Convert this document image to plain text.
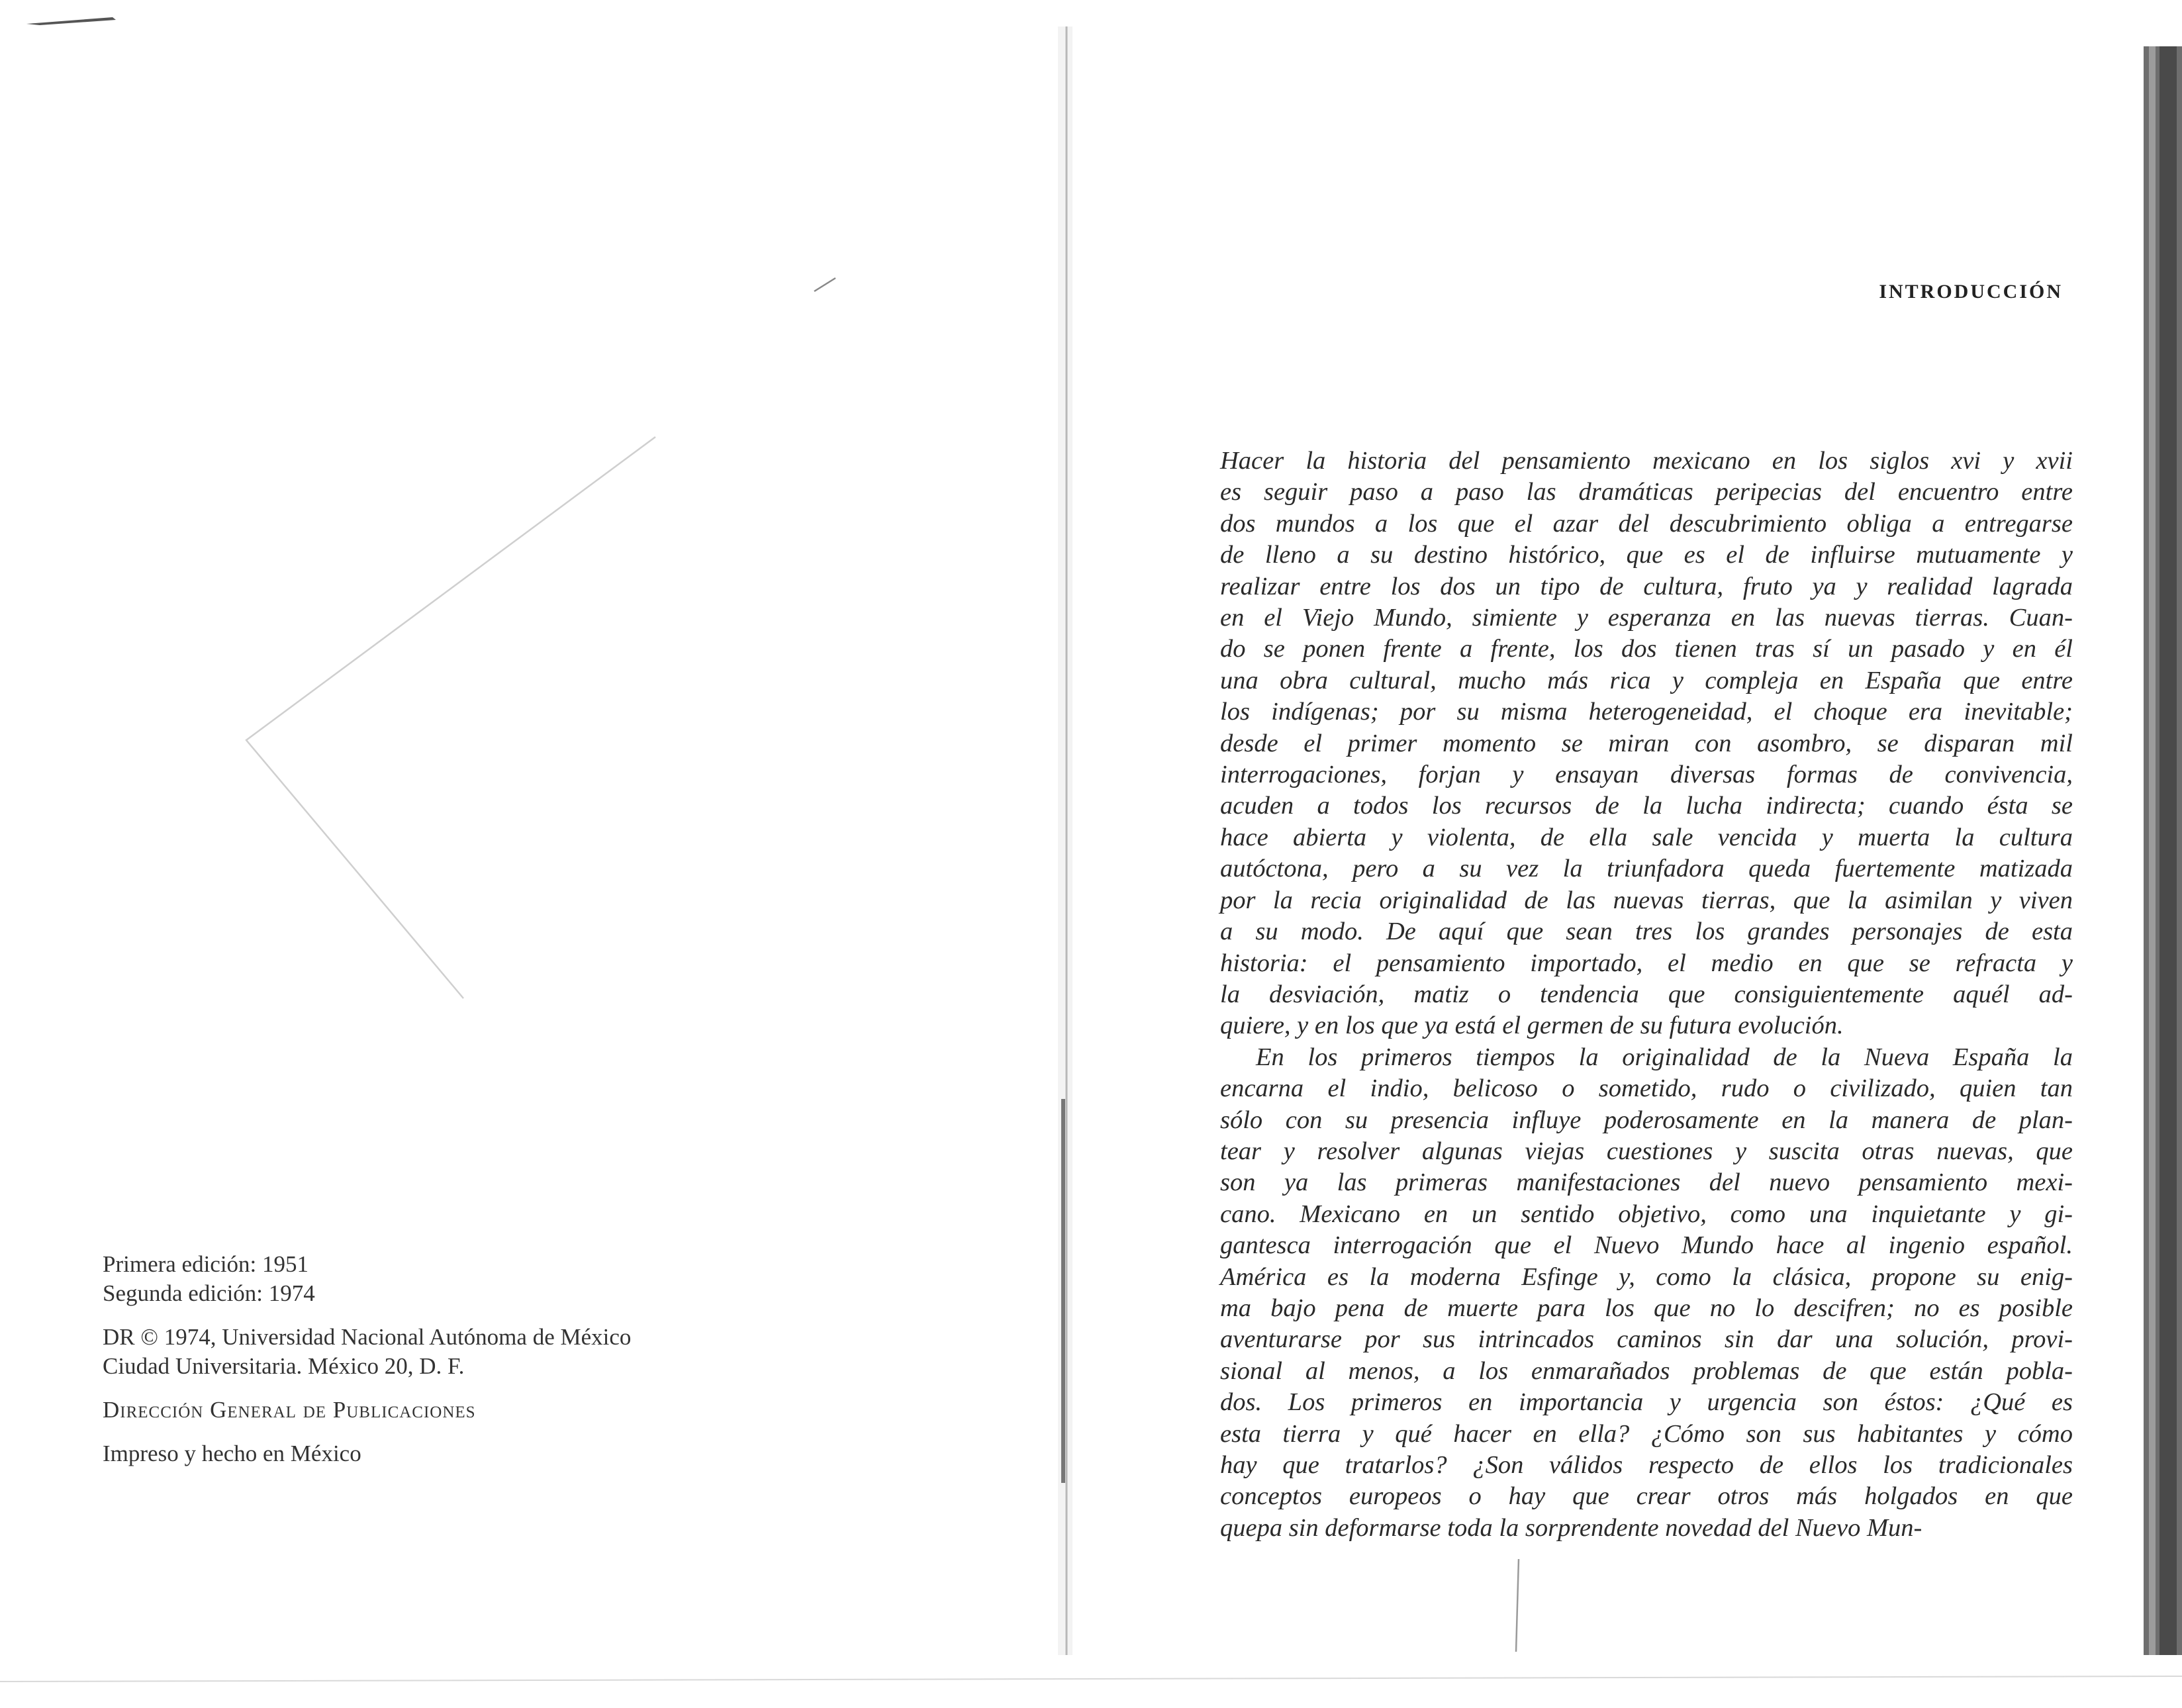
Primera edición: 1951
Segunda edición: 1974
DR © 1974, Universidad Nacional Autónoma de México
Ciudad Universitaria. México 20, D. F.
Dirección General de Publicaciones
Impreso y hecho en México
INTRODUCCIÓN

Hacer la historia del pensamiento mexicano en los siglos xvi y xvii
es seguir paso a paso las dramáticas peripecias del encuentro entre
dos mundos a los que el azar del descubrimiento obliga a entregarse
de lleno a su destino histórico, que es el de influirse mutuamente y
realizar entre los dos un tipo de cultura, fruto ya y realidad lagrada
en el Viejo Mundo, simiente y esperanza en las nuevas tierras. Cuan-
do se ponen frente a frente, los dos tienen tras sí un pasado y en él
una obra cultural, mucho más rica y compleja en España que entre
los indígenas; por su misma heterogeneidad, el choque era inevitable;
desde el primer momento se miran con asombro, se disparan mil
interrogaciones, forjan y ensayan diversas formas de convivencia,
acuden a todos los recursos de la lucha indirecta; cuando ésta se
hace abierta y violenta, de ella sale vencida y muerta la cultura
autóctona, pero a su vez la triunfadora queda fuertemente matizada
por la recia originalidad de las nuevas tierras, que la asimilan y viven
a su modo. De aquí que sean tres los grandes personajes de esta
historia: el pensamiento importado, el medio en que se refracta y
la desviación, matiz o tendencia que consiguientemente aquél ad-
quiere, y en los que ya está el germen de su futura evolución.

En los primeros tiempos la originalidad de la Nueva España la
encarna el indio, belicoso o sometido, rudo o civilizado, quien tan
sólo con su presencia influye poderosamente en la manera de plan-
tear y resolver algunas viejas cuestiones y suscita otras nuevas, que
son ya las primeras manifestaciones del nuevo pensamiento mexi-
cano. Mexicano en un sentido objetivo, como una inquietante y gi-
gantesca interrogación que el Nuevo Mundo hace al ingenio español.
América es la moderna Esfinge y, como la clásica, propone su enig-
ma bajo pena de muerte para los que no lo descifren; no es posible
aventurarse por sus intrincados caminos sin dar una solución, provi-
sional al menos, a los enmarañados problemas de que están pobla-
dos. Los primeros en importancia y urgencia son éstos: ¿Qué es
esta tierra y qué hacer en ella? ¿Cómo son sus habitantes y cómo
hay que tratarlos? ¿Son válidos respecto de ellos los tradicionales
conceptos europeos o hay que crear otros más holgados en que
quepa sin deformarse toda la sorprendente novedad del Nuevo Mun-
